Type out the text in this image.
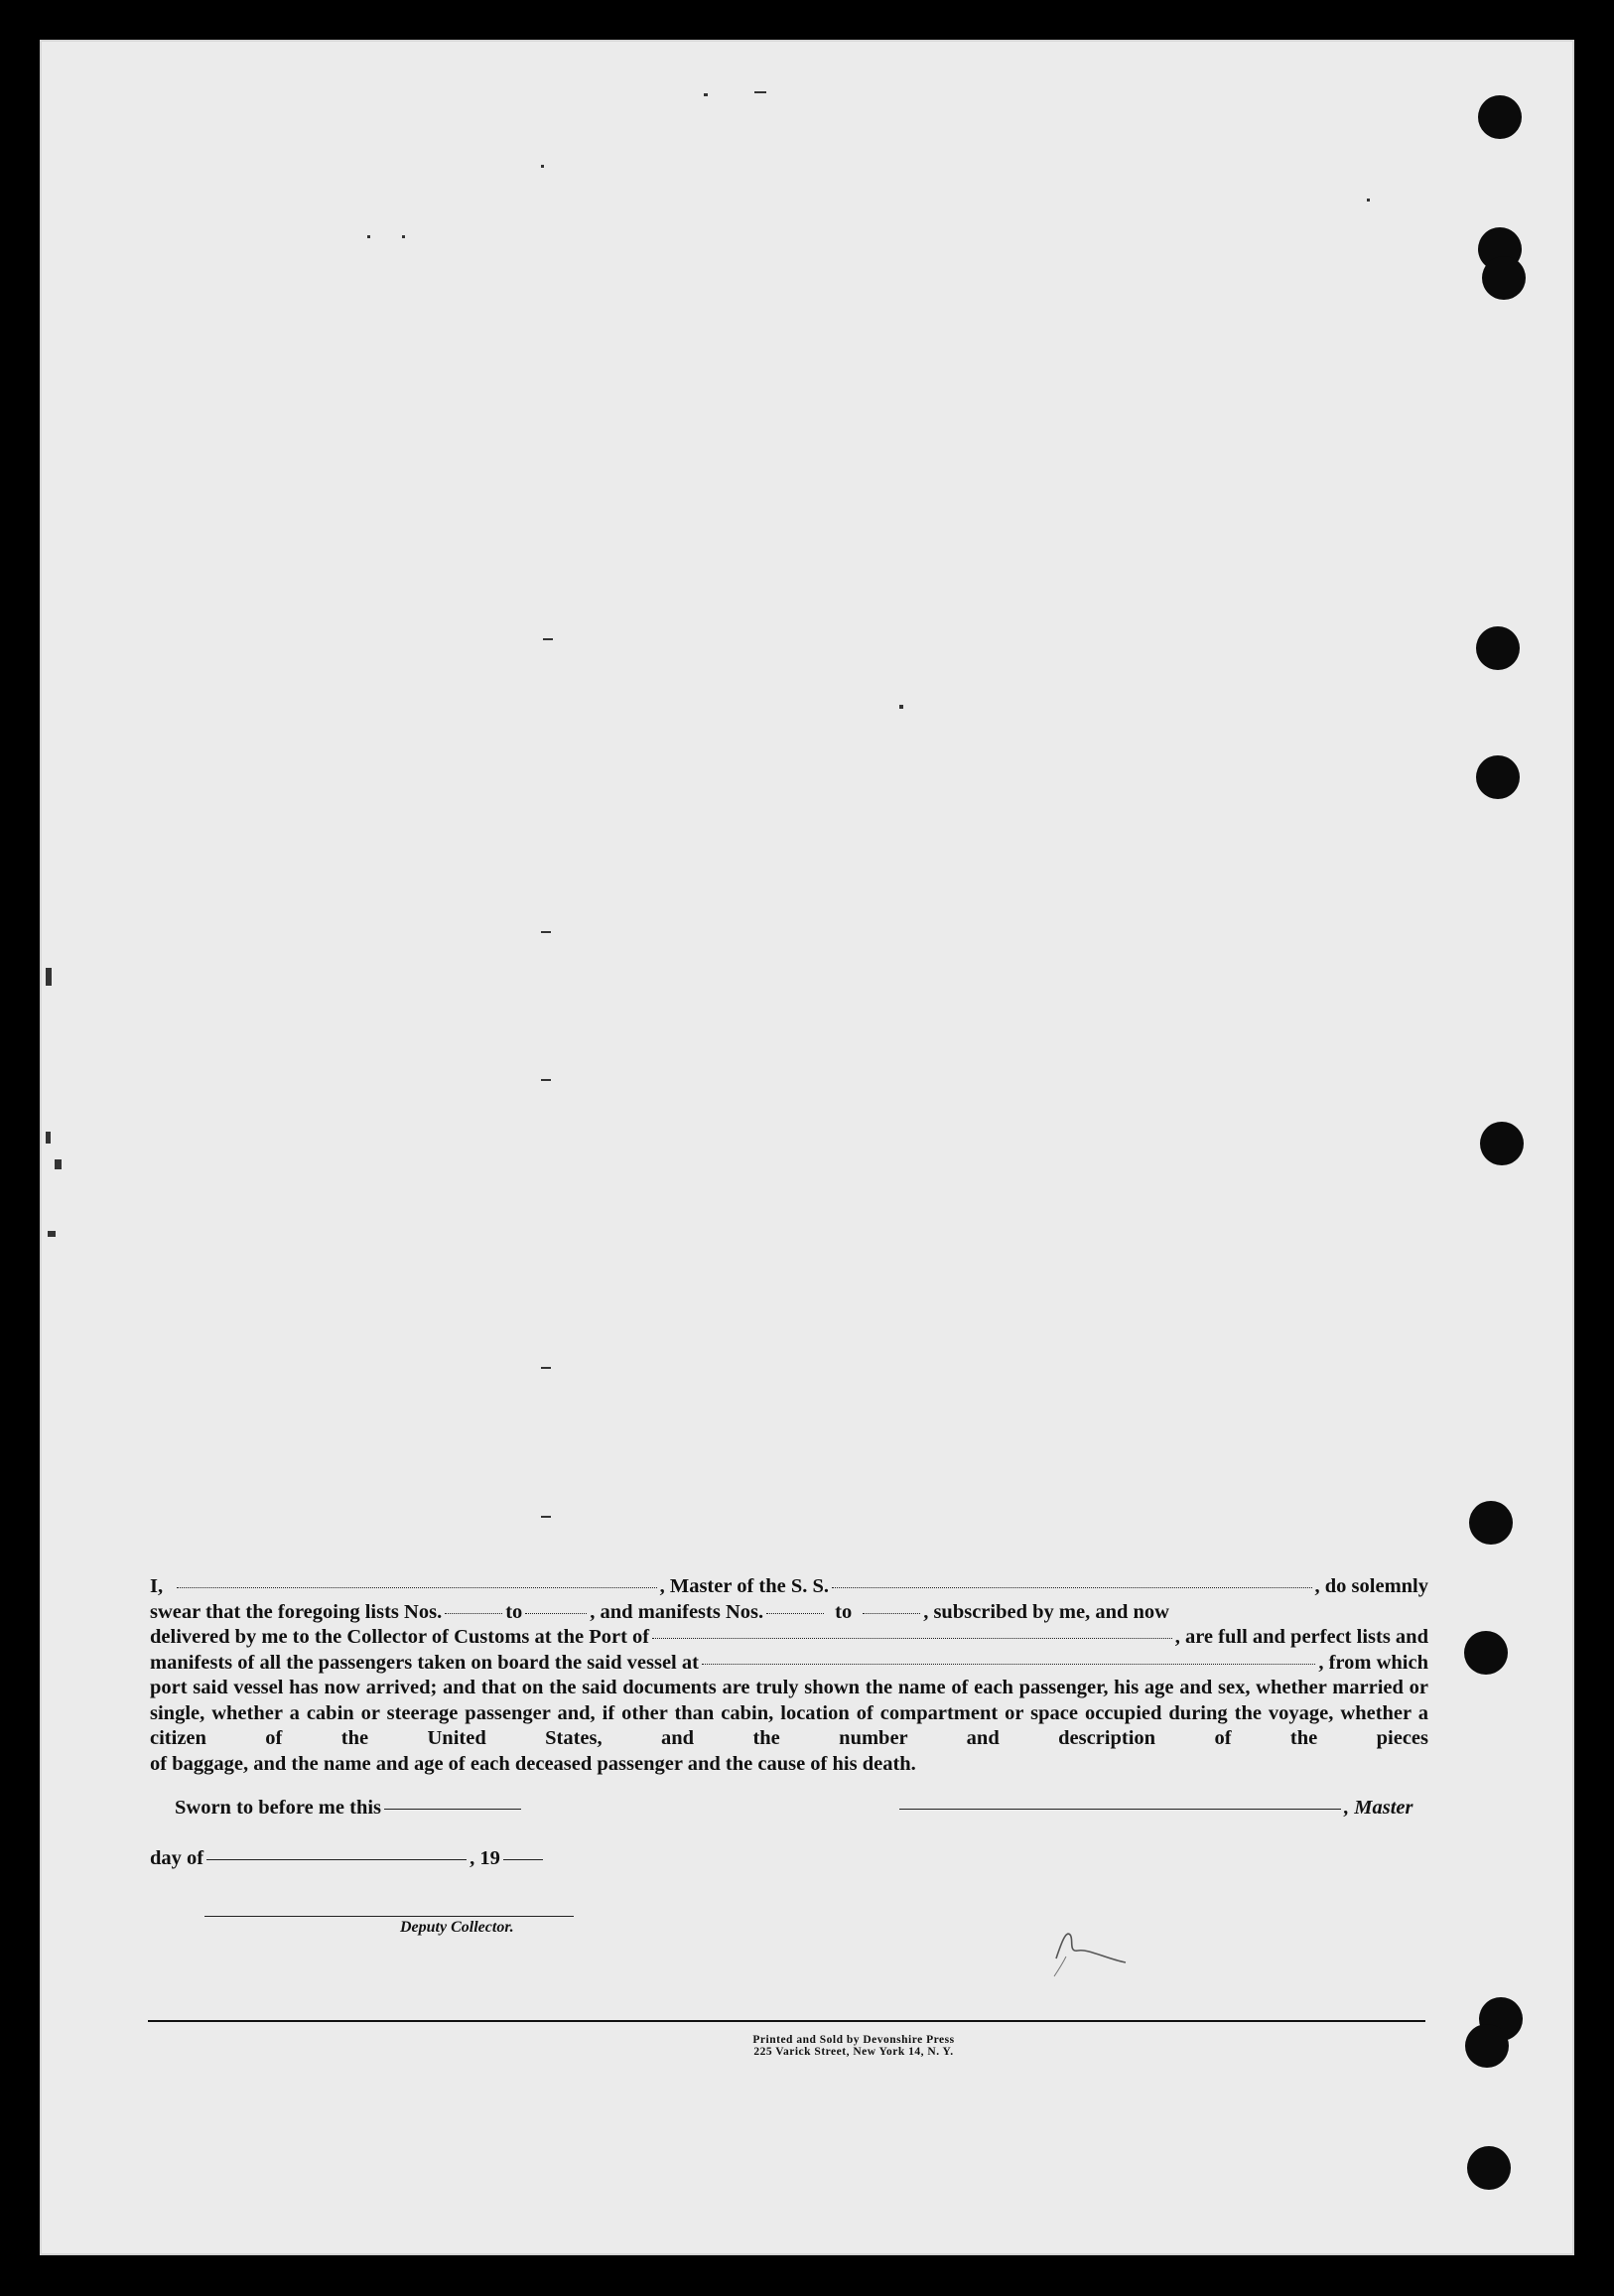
I,	, Master of the S. S.	, do solemnly
swear that the foregoing lists Nos.	to	, and manifests Nos.	to	, subscribed by me, and now
delivered by me to the Collector of Customs at the Port of	, are full and perfect lists and
manifests of all the passengers taken on board the said vessel at	, from which
port said vessel has now arrived; and that on the said documents are truly shown the name of each passenger, his age and sex, whether married or single, whether a cabin or steerage passenger and, if other than cabin, location of compartment or space occupied during the voyage, whether a citizen of the United States, and the number and description of the pieces
of baggage, and the name and age of each deceased passenger and the cause of his death.
Sworn to before me this	, Master
day of	, 19
Deputy Collector.
Printed and Sold by Devonshire Press
225 Varick Street, New York 14, N. Y.
